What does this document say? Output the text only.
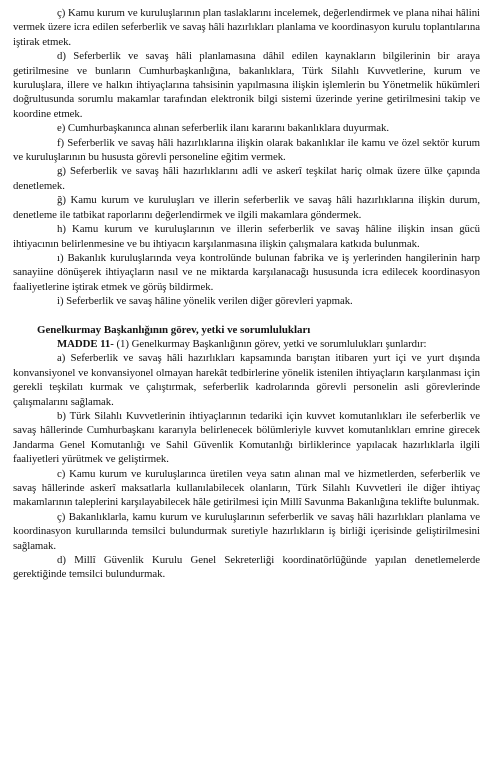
ç) Kamu kurum ve kuruluşlarının plan taslaklarını incelemek, değerlendirmek ve plana nihai hâlini vermek üzere icra edilen seferberlik ve savaş hâli hazırlıkları planlama ve koordinasyon kurulu toplantılarına iştirak etmek.

d) Seferberlik ve savaş hâli planlamasına dâhil edilen kaynakların bilgilerinin bir araya getirilmesine ve bunların Cumhurbaşkanlığına, bakanlıklara, Türk Silahlı Kuvvetlerine, kurum ve kuruluşlara, illere ve halkın ihtiyaçlarına tahsisinin yapılmasına ilişkin işlemlerin bu Yönetmelik hükümleri doğrultusunda sorumlu makamlar tarafından elektronik bilgi sistemi üzerinde yerine getirilmesini takip ve koordine etmek.

e) Cumhurbaşkanınca alınan seferberlik ilanı kararını bakanlıklara duyurmak.

f) Seferberlik ve savaş hâli hazırlıklarına ilişkin olarak bakanlıklar ile kamu ve özel sektör kurum ve kuruluşlarının bu hususta görevli personeline eğitim vermek.

g) Seferberlik ve savaş hâli hazırlıklarını adli ve askerî teşkilat hariç olmak üzere ülke çapında denetlemek.

ğ) Kamu kurum ve kuruluşları ve illerin seferberlik ve savaş hâli hazırlıklarına ilişkin durum, denetleme ile tatbikat raporlarını değerlendirmek ve ilgili makamlara göndermek.

h) Kamu kurum ve kuruluşlarının ve illerin seferberlik ve savaş hâline ilişkin insan gücü ihtiyacının belirlenmesine ve bu ihtiyacın karşılanmasına ilişkin çalışmalara katkıda bulunmak.

ı) Bakanlık kuruluşlarında veya kontrolünde bulunan fabrika ve iş yerlerinden hangilerinin harp sanayiine dönüşerek ihtiyaçların nasıl ve ne miktarda karşılanacağı hususunda icra edilecek koordinasyon faaliyetlerine iştirak etmek ve görüş bildirmek.

i) Seferberlik ve savaş hâline yönelik verilen diğer görevleri yapmak.

Genelkurmay Başkanlığının görev, yetki ve sorumlulukları

MADDE 11- (1) Genelkurmay Başkanlığının görev, yetki ve sorumlulukları şunlardır:

a) Seferberlik ve savaş hâli hazırlıkları kapsamında barıştan itibaren yurt içi ve yurt dışında konvansiyonel ve konvansiyonel olmayan harekât tedbirlerine yönelik istenilen ihtiyaçların karşılanması için gerekli teşkilatı kurmak ve çalıştırmak, seferberlik kadrolarında görevli personelin asli görevlerinde çalışmalarını sağlamak.

b) Türk Silahlı Kuvvetlerinin ihtiyaçlarının tedariki için kuvvet komutanlıkları ile seferberlik ve savaş hâllerinde Cumhurbaşkanı kararıyla belirlenecek bölümleriyle kuvvet komutanlıkları emrine girecek Jandarma Genel Komutanlığı ve Sahil Güvenlik Komutanlığı birliklerince yapılacak hazırlıklarla ilgili faaliyetleri yürütmek ve geliştirmek.

c) Kamu kurum ve kuruluşlarınca üretilen veya satın alınan mal ve hizmetlerden, seferberlik ve savaş hâllerinde askerî maksatlarla kullanılabilecek olanların, Türk Silahlı Kuvvetleri ile diğer ihtiyaç makamlarının taleplerini karşılayabilecek hâle getirilmesi için Millî Savunma Bakanlığına teklifte bulunmak.

ç) Bakanlıklarla, kamu kurum ve kuruluşlarının seferberlik ve savaş hâli hazırlıkları planlama ve koordinasyon kurullarında temsilci bulundurmak suretiyle hazırlıkların iş birliği içerisinde geliştirilmesini sağlamak.

d) Millî Güvenlik Kurulu Genel Sekreterliği koordinatörlüğünde yapılan denetlemelerde gerektiğinde temsilci bulundurmak.
